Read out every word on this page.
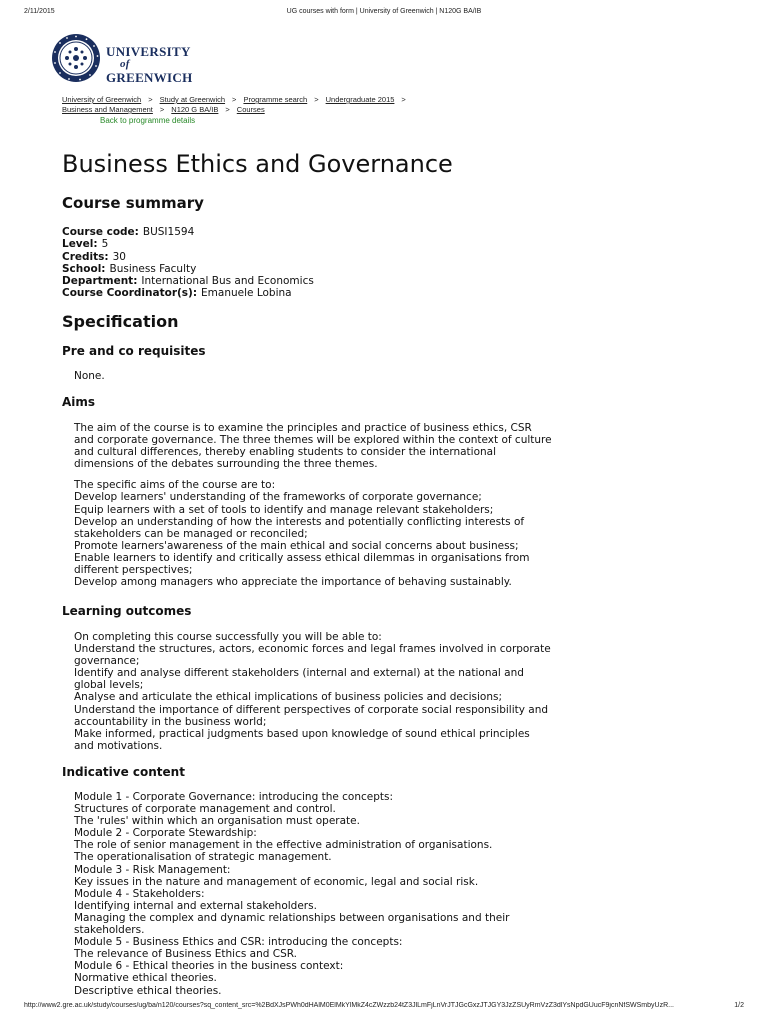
2/11/2015	UG courses with form | University of Greenwich | N120G BA/IB
UNIVERSITY
of
GREENWICH
University of Greenwich > Study at Greenwich > Programme search > Undergraduate 2015 >
Business and Management > N120 G BA/IB > Courses
Back to programme details
Business Ethics and Governance
Course summary
Course code: BUSI1594
Level: 5
Credits: 30
School: Business Faculty
Department: International Bus and Economics
Course Coordinator(s): Emanuele Lobina
Specification
Pre and co requisites

None.

Aims

The aim of the course is to examine the principles and practice of business ethics, CSR

and corporate governance. The three themes will be explored within the context of culture

and cultural differences, thereby enabling students to consider the international

dimensions of the debates surrounding the three themes.

The specific aims of the course are to:

Develop learners' understanding of the frameworks of corporate governance;

Equip learners with a set of tools to identify and manage relevant stakeholders;

Develop an understanding of how the interests and potentially conflicting interests of

stakeholders can be managed or reconciled;

Promote learners'awareness of the main ethical and social concerns about business;

Enable learners to identify and critically assess ethical dilemmas in organisations from

different perspectives;

Develop among managers who appreciate the importance of behaving sustainably.

Learning outcomes

On completing this course successfully you will be able to:

Understand the structures, actors, economic forces and legal frames involved in corporate

governance;

Identify and analyse different stakeholders (internal and external) at the national and

global levels;

Analyse and articulate the ethical implications of business policies and decisions;

Understand the importance of different perspectives of corporate social responsibility and

accountability in the business world;

Make informed, practical judgments based upon knowledge of sound ethical principles

and motivations.

Indicative content

Module 1 - Corporate Governance: introducing the concepts:

Structures of corporate management and control.

The 'rules' within which an organisation must operate.

Module 2 - Corporate Stewardship:

The role of senior management in the effective administration of organisations.

The operationalisation of strategic management.

Module 3 - Risk Management:

Key issues in the nature and management of economic, legal and social risk.

Module 4 - Stakeholders:

Identifying internal and external stakeholders.

Managing the complex and dynamic relationships between organisations and their

stakeholders.

Module 5 - Business Ethics and CSR: introducing the concepts:

The relevance of Business Ethics and CSR.

Module 6 - Ethical theories in the business context:

Normative ethical theories.

Descriptive ethical theories.

http://www2.gre.ac.uk/study/courses/ug/ba/n120/courses?sq_content_src=%2BdXJsPWh0dHAlM0ElMkYlMkZ4cZWzzb24tZ3JlLmFjLnVrJTJGcGxzJTJGY3JzZSUyRmVzZ3dlYsNpdGUucF9jcnNfSWSmbyUzR...	1/2
